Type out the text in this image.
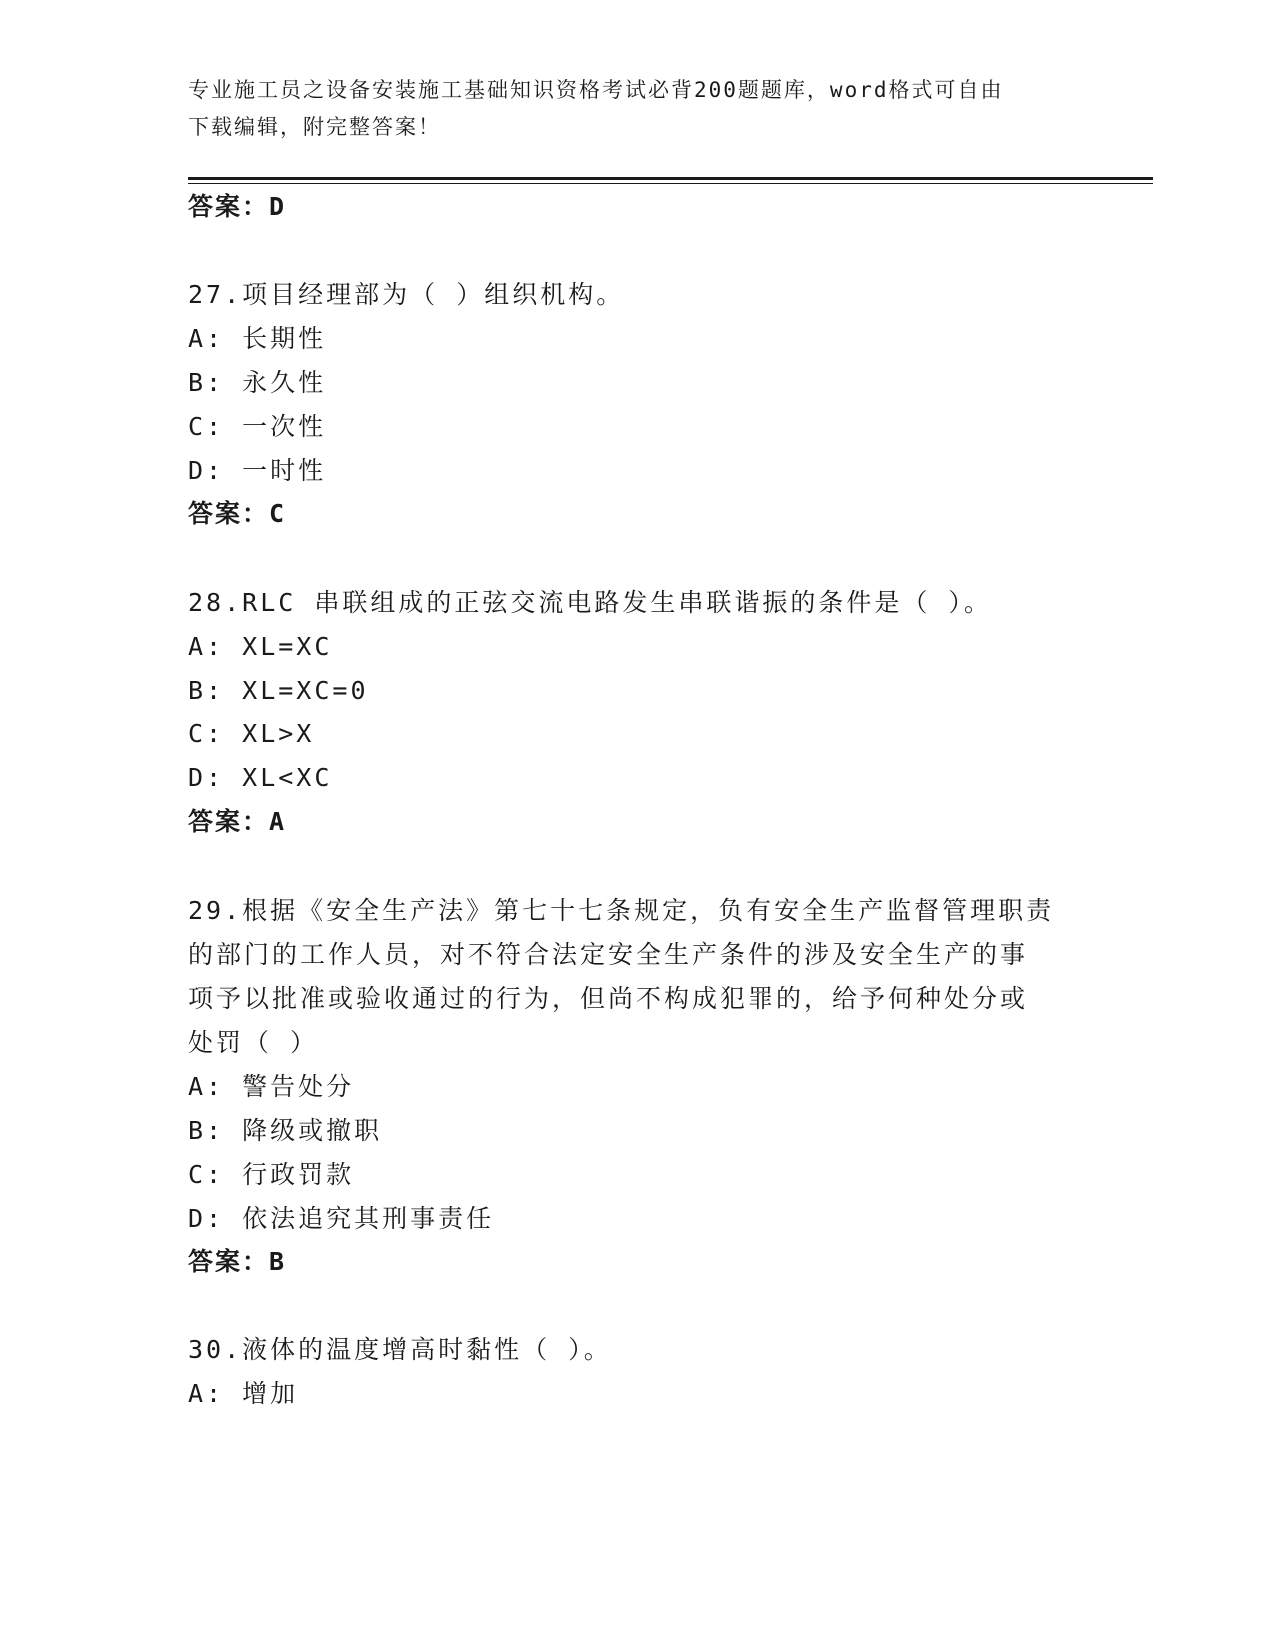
专业施工员之设备安装施工基础知识资格考试必背200题题库，word格式可自由
下载编辑，附完整答案！
答案：D
27.项目经理部为（ ）组织机构。
A: 长期性
B: 永久性
C: 一次性
D: 一时性
答案：C
28.RLC 串联组成的正弦交流电路发生串联谐振的条件是（ ）。
A: XL=XC
B: XL=XC=0
C: XL>X
D: XL<XC
答案：A
29.根据《安全生产法》第七十七条规定，负有安全生产监督管理职责
的部门的工作人员，对不符合法定安全生产条件的涉及安全生产的事
项予以批准或验收通过的行为，但尚不构成犯罪的，给予何种处分或
处罚（ ）
A: 警告处分
B: 降级或撤职
C: 行政罚款
D: 依法追究其刑事责任
答案：B
30.液体的温度增高时黏性（ ）。
A: 增加
